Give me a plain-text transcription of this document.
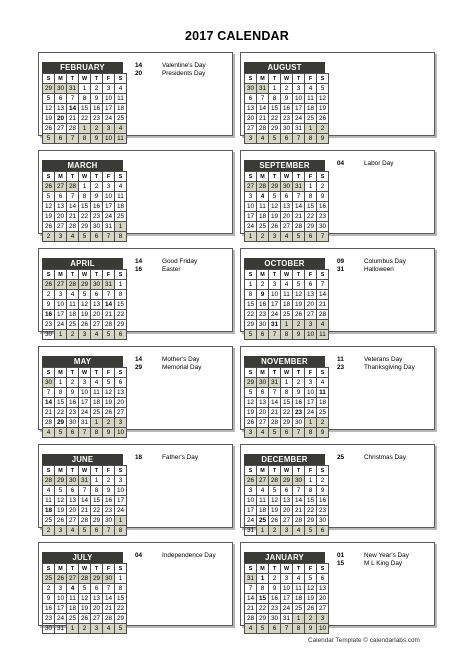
2017 CALENDAR
FEBRUARY
S	M	T	W	T	F	S
29	30	31	1	2	3	4
5	6	7	8	9	10	11
12	13	14	15	16	17	18
19	20	21	22	23	24	25
26	27	28	1	2	3	4
5	6	7	8	9	10	11
14	Valentine's Day
20	Presidents Day
AUGUST
S	M	T	W	T	F	S
30	31	1	2	3	4	5
6	7	8	9	10	11	12
13	14	15	16	17	18	19
20	21	22	23	24	25	26
27	28	29	30	31	1	2
3	4	5	6	7	8	9
MARCH
S	M	T	W	T	F	S
26	27	28	1	2	3	4
5	6	7	8	9	10	11
12	13	14	15	16	17	18
19	20	21	22	23	24	25
26	27	28	29	30	31	1
2	3	4	5	6	7	8
SEPTEMBER
S	M	T	W	T	F	S
27	28	29	30	31	1	2
3	4	5	6	7	8	9
10	11	12	13	14	15	16
17	18	19	20	21	22	23
24	25	26	27	28	29	30
1	2	3	4	5	6	7
04	Labor Day
APRIL
S	M	T	W	T	F	S
26	27	28	29	30	31	1
2	3	4	5	6	7	8
9	10	11	12	13	14	15
16	17	18	19	20	21	22
23	24	25	26	27	28	29
30	1	2	3	4	5	6
14	Good Friday
16	Easter
OCTOBER
S	M	T	W	T	F	S
1	2	3	4	5	6	7
8	9	10	11	12	13	14
15	16	17	18	19	20	21
22	23	24	25	26	27	28
29	30	31	1	2	3	4
5	6	7	8	9	10	11
09	Columbus Day
31	Halloween
MAY
S	M	T	W	T	F	S
30	1	2	3	4	5	6
7	8	9	10	11	12	13
14	15	16	17	18	19	20
21	22	23	24	25	26	27
28	29	30	31	1	2	3
4	5	6	7	8	9	10
14	Mother's Day
29	Memorial Day
NOVEMBER
S	M	T	W	T	F	S
29	30	31	1	2	3	4
5	6	7	8	9	10	11
12	13	14	15	16	17	18
19	20	21	22	23	24	25
26	27	28	29	30	1	2
3	4	5	6	7	8	9
11	Veterans Day
23	Thanksgiving Day
JUNE
S	M	T	W	T	F	S
28	29	30	31	1	2	3
4	5	6	7	8	9	10
11	12	13	14	15	16	17
18	19	20	21	22	23	24
25	26	27	28	29	30	1
2	3	4	5	6	7	8
18	Father's Day	DECEMBER
S	M	T	W	T	F	S
26	27	28	29	30	1	2
3	4	5	6	7	8	9
10	11	12	13	14	15	16
17	18	19	20	21	22	23
24	25	26	27	28	29	30
31	1	2	3	4	5	6
25	Christmas Day
JULY
S	M	T	W	T	F	S
25	26	27	28	29	30	1
2	3	4	5	6	7	8
9	10	11	12	13	14	15
16	17	18	19	20	21	22
23	24	25	26	27	28	29
30	31	1	2	3	4	5
04	Independence Day	JANUARY
S	M	T	W	T	F	S
31	1	2	3	4	5	6
7	8	9	10	11	12	13
14	15	16	17	18	19	20
21	22	23	24	25	26	27
28	29	30	31	1	2	3
4	5	6	7	8	9	10
01	New Year's Day
15	M L King Day
Calendar Template © calendarlabs.com
